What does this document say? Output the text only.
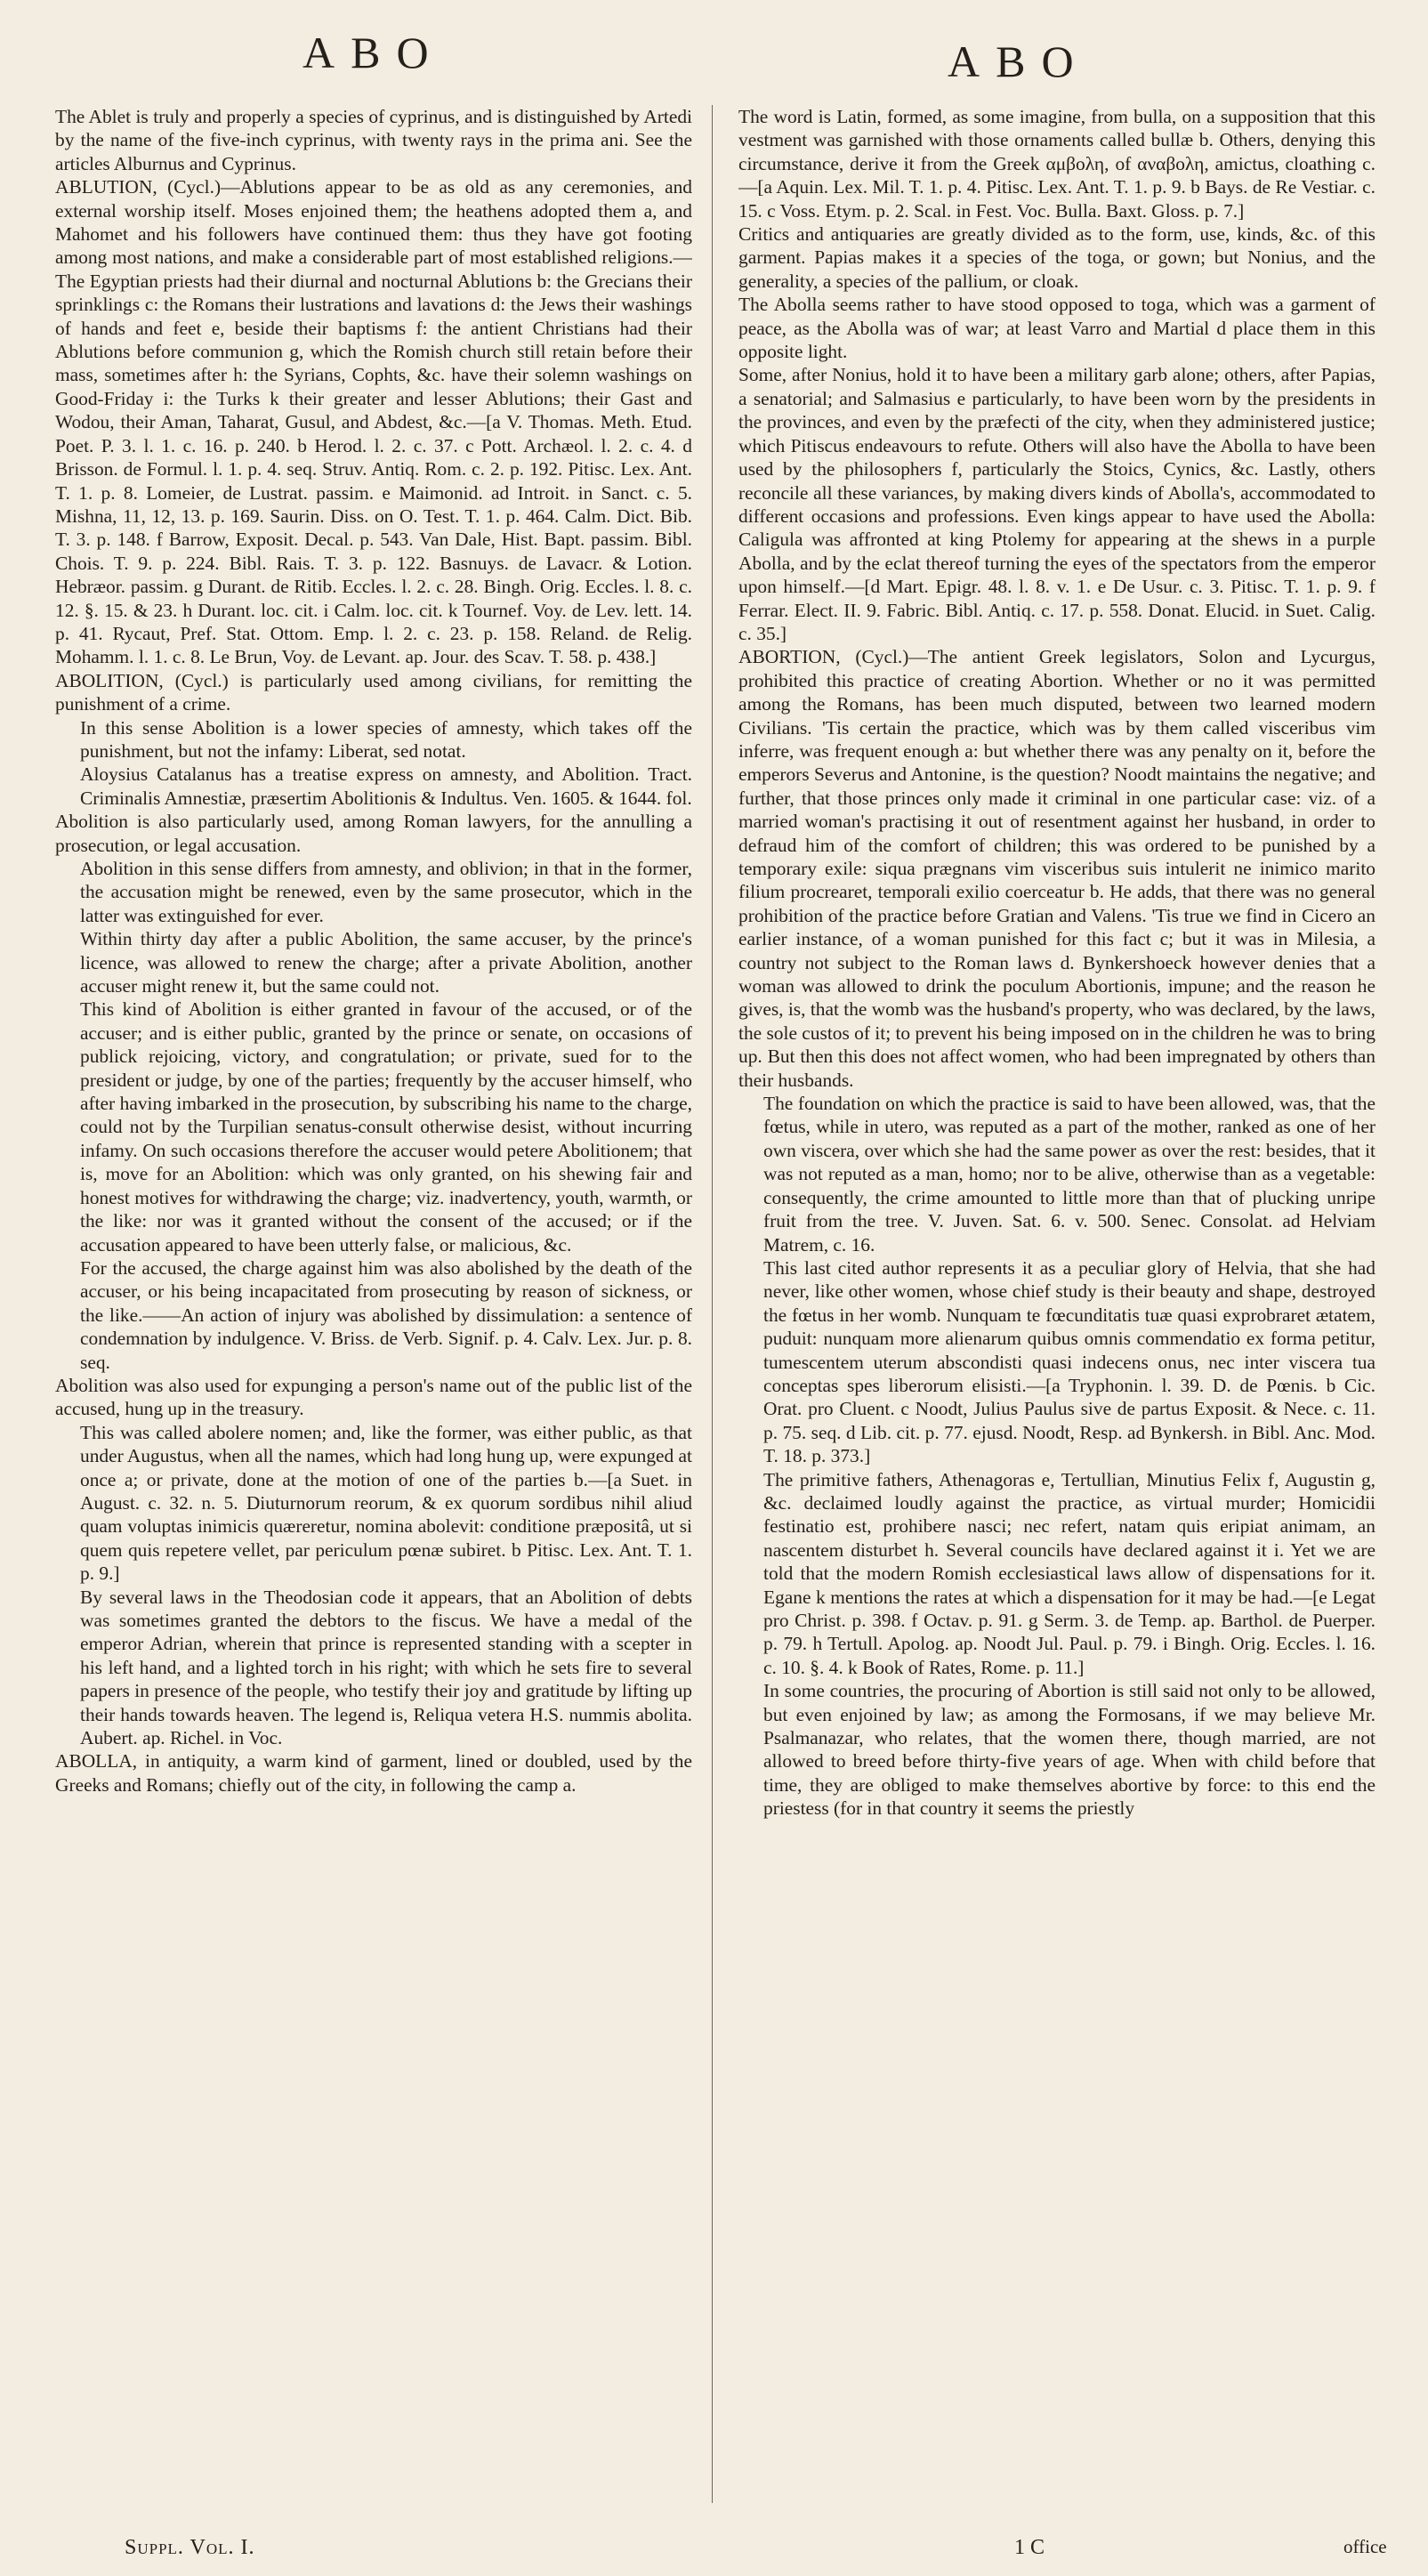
ABO	ABO

The Ablet is truly and properly a species of cyprinus, and is distinguished by Artedi by the name of the five-inch cyprinus, with twenty rays in the prima ani. See the articles Alburnus and Cyprinus.

ABLUTION, (Cycl.)—Ablutions appear to be as old as any ceremonies, and external worship itself. Moses enjoined them; the heathens adopted them a, and Mahomet and his followers have continued them: thus they have got footing among most nations, and make a considerable part of most established religions.—The Egyptian priests had their diurnal and nocturnal Ablutions b: the Grecians their sprinklings c: the Romans their lustrations and lavations d: the Jews their washings of hands and feet e, beside their baptisms f: the antient Christians had their Ablutions before communion g, which the Romish church still retain before their mass, sometimes after h: the Syrians, Cophts, &c. have their solemn washings on Good-Friday i: the Turks k their greater and lesser Ablutions; their Gast and Wodou, their Aman, Taharat, Gusul, and Abdest, &c.—[a V. Thomas. Meth. Etud. Poet. P. 3. l. 1. c. 16. p. 240. b Herod. l. 2. c. 37. c Pott. Archæol. l. 2. c. 4. d Brisson. de Formul. l. 1. p. 4. seq. Struv. Antiq. Rom. c. 2. p. 192. Pitisc. Lex. Ant. T. 1. p. 8. Lomeier, de Lustrat. passim. e Maimonid. ad Introit. in Sanct. c. 5. Mishna, 11, 12, 13. p. 169. Saurin. Diss. on O. Test. T. 1. p. 464. Calm. Dict. Bib. T. 3. p. 148. f Barrow, Exposit. Decal. p. 543. Van Dale, Hist. Bapt. passim. Bibl. Chois. T. 9. p. 224. Bibl. Rais. T. 3. p. 122. Basnuys. de Lavacr. & Lotion. Hebræor. passim. g Durant. de Ritib. Eccles. l. 2. c. 28. Bingh. Orig. Eccles. l. 8. c. 12. §. 15. & 23. h Durant. loc. cit. i Calm. loc. cit. k Tournef. Voy. de Lev. lett. 14. p. 41. Rycaut, Pref. Stat. Ottom. Emp. l. 2. c. 23. p. 158. Reland. de Relig. Mohamm. l. 1. c. 8. Le Brun, Voy. de Levant. ap. Jour. des Scav. T. 58. p. 438.]

ABOLITION, (Cycl.) is particularly used among civilians, for remitting the punishment of a crime.

In this sense Abolition is a lower species of amnesty, which takes off the punishment, but not the infamy: Liberat, sed notat.

Aloysius Catalanus has a treatise express on amnesty, and Abolition. Tract. Criminalis Amnestiæ, præsertim Abolitionis & Indultus. Ven. 1605. & 1644. fol.

Abolition is also particularly used, among Roman lawyers, for the annulling a prosecution, or legal accusation.

Abolition in this sense differs from amnesty, and oblivion; in that in the former, the accusation might be renewed, even by the same prosecutor, which in the latter was extinguished for ever.

Within thirty day after a public Abolition, the same accuser, by the prince's licence, was allowed to renew the charge; after a private Abolition, another accuser might renew it, but the same could not.

This kind of Abolition is either granted in favour of the accused, or of the accuser; and is either public, granted by the prince or senate, on occasions of publick rejoicing, victory, and congratulation; or private, sued for to the president or judge, by one of the parties; frequently by the accuser himself, who after having imbarked in the prosecution, by subscribing his name to the charge, could not by the Turpilian senatus-consult otherwise desist, without incurring infamy. On such occasions therefore the accuser would petere Abolitionem; that is, move for an Abolition: which was only granted, on his shewing fair and honest motives for withdrawing the charge; viz. inadvertency, youth, warmth, or the like: nor was it granted without the consent of the accused; or if the accusation appeared to have been utterly false, or malicious, &c.

For the accused, the charge against him was also abolished by the death of the accuser, or his being incapacitated from prosecuting by reason of sickness, or the like.——An action of injury was abolished by dissimulation: a sentence of condemnation by indulgence. V. Briss. de Verb. Signif. p. 4. Calv. Lex. Jur. p. 8. seq.

Abolition was also used for expunging a person's name out of the public list of the accused, hung up in the treasury.

This was called abolere nomen; and, like the former, was either public, as that under Augustus, when all the names, which had long hung up, were expunged at once a; or private, done at the motion of one of the parties b.—[a Suet. in August. c. 32. n. 5. Diuturnorum reorum, & ex quorum sordibus nihil aliud quam voluptas inimicis quæreretur, nomina abolevit: conditione præpositâ, ut si quem quis repetere vellet, par periculum pœnæ subiret. b Pitisc. Lex. Ant. T. 1. p. 9.]

By several laws in the Theodosian code it appears, that an Abolition of debts was sometimes granted the debtors to the fiscus. We have a medal of the emperor Adrian, wherein that prince is represented standing with a scepter in his left hand, and a lighted torch in his right; with which he sets fire to several papers in presence of the people, who testify their joy and gratitude by lifting up their hands towards heaven. The legend is, Reliqua vetera H.S. nummis abolita. Aubert. ap. Richel. in Voc.

ABOLLA, in antiquity, a warm kind of garment, lined or doubled, used by the Greeks and Romans; chiefly out of the city, in following the camp a.

The word is Latin, formed, as some imagine, from bulla, on a supposition that this vestment was garnished with those ornaments called bullæ b. Others, denying this circumstance, derive it from the Greek αμβολη, of αναβολη, amictus, cloathing c.—[a Aquin. Lex. Mil. T. 1. p. 4. Pitisc. Lex. Ant. T. 1. p. 9. b Bays. de Re Vestiar. c. 15. c Voss. Etym. p. 2. Scal. in Fest. Voc. Bulla. Baxt. Gloss. p. 7.]

Critics and antiquaries are greatly divided as to the form, use, kinds, &c. of this garment. Papias makes it a species of the toga, or gown; but Nonius, and the generality, a species of the pallium, or cloak.

The Abolla seems rather to have stood opposed to toga, which was a garment of peace, as the Abolla was of war; at least Varro and Martial d place them in this opposite light.

Some, after Nonius, hold it to have been a military garb alone; others, after Papias, a senatorial; and Salmasius e particularly, to have been worn by the presidents in the provinces, and even by the præfecti of the city, when they administered justice; which Pitiscus endeavours to refute. Others will also have the Abolla to have been used by the philosophers f, particularly the Stoics, Cynics, &c. Lastly, others reconcile all these variances, by making divers kinds of Abolla's, accommodated to different occasions and professions. Even kings appear to have used the Abolla: Caligula was affronted at king Ptolemy for appearing at the shews in a purple Abolla, and by the eclat thereof turning the eyes of the spectators from the emperor upon himself.—[d Mart. Epigr. 48. l. 8. v. 1. e De Usur. c. 3. Pitisc. T. 1. p. 9. f Ferrar. Elect. II. 9. Fabric. Bibl. Antiq. c. 17. p. 558. Donat. Elucid. in Suet. Calig. c. 35.]

ABORTION, (Cycl.)—The antient Greek legislators, Solon and Lycurgus, prohibited this practice of creating Abortion. Whether or no it was permitted among the Romans, has been much disputed, between two learned modern Civilians. 'Tis certain the practice, which was by them called visceribus vim inferre, was frequent enough a: but whether there was any penalty on it, before the emperors Severus and Antonine, is the question? Noodt maintains the negative; and further, that those princes only made it criminal in one particular case: viz. of a married woman's practising it out of resentment against her husband, in order to defraud him of the comfort of children; this was ordered to be punished by a temporary exile: siqua prægnans vim visceribus suis intulerit ne inimico marito filium procrearet, temporali exilio coerceatur b. He adds, that there was no general prohibition of the practice before Gratian and Valens. 'Tis true we find in Cicero an earlier instance, of a woman punished for this fact c; but it was in Milesia, a country not subject to the Roman laws d. Bynkershoeck however denies that a woman was allowed to drink the poculum Abortionis, impune; and the reason he gives, is, that the womb was the husband's property, who was declared, by the laws, the sole custos of it; to prevent his being imposed on in the children he was to bring up. But then this does not affect women, who had been impregnated by others than their husbands.

The foundation on which the practice is said to have been allowed, was, that the fœtus, while in utero, was reputed as a part of the mother, ranked as one of her own viscera, over which she had the same power as over the rest: besides, that it was not reputed as a man, homo; nor to be alive, otherwise than as a vegetable: consequently, the crime amounted to little more than that of plucking unripe fruit from the tree. V. Juven. Sat. 6. v. 500. Senec. Consolat. ad Helviam Matrem, c. 16.

This last cited author represents it as a peculiar glory of Helvia, that she had never, like other women, whose chief study is their beauty and shape, destroyed the fœtus in her womb. Nunquam te fœcunditatis tuæ quasi exprobraret ætatem, puduit: nunquam more alienarum quibus omnis commendatio ex forma petitur, tumescentem uterum abscondisti quasi indecens onus, nec inter viscera tua conceptas spes liberorum elisisti.—[a Tryphonin. l. 39. D. de Pœnis. b Cic. Orat. pro Cluent. c Noodt, Julius Paulus sive de partus Exposit. & Nece. c. 11. p. 75. seq. d Lib. cit. p. 77. ejusd. Noodt, Resp. ad Bynkersh. in Bibl. Anc. Mod. T. 18. p. 373.]

The primitive fathers, Athenagoras e, Tertullian, Minutius Felix f, Augustin g, &c. declaimed loudly against the practice, as virtual murder; Homicidii festinatio est, prohibere nasci; nec refert, natam quis eripiat animam, an nascentem disturbet h. Several councils have declared against it i. Yet we are told that the modern Romish ecclesiastical laws allow of dispensations for it. Egane k mentions the rates at which a dispensation for it may be had.—[e Legat pro Christ. p. 398. f Octav. p. 91. g Serm. 3. de Temp. ap. Barthol. de Puerper. p. 79. h Tertull. Apolog. ap. Noodt Jul. Paul. p. 79. i Bingh. Orig. Eccles. l. 16. c. 10. §. 4. k Book of Rates, Rome. p. 11.]

In some countries, the procuring of Abortion is still said not only to be allowed, but even enjoined by law; as among the Formosans, if we may believe Mr. Psalmanazar, who relates, that the women there, though married, are not allowed to breed before thirty-five years of age. When with child before that time, they are obliged to make themselves abortive by force: to this end the priestess (for in that country it seems the priestly

Suppl. Vol. I.	1 C	office
